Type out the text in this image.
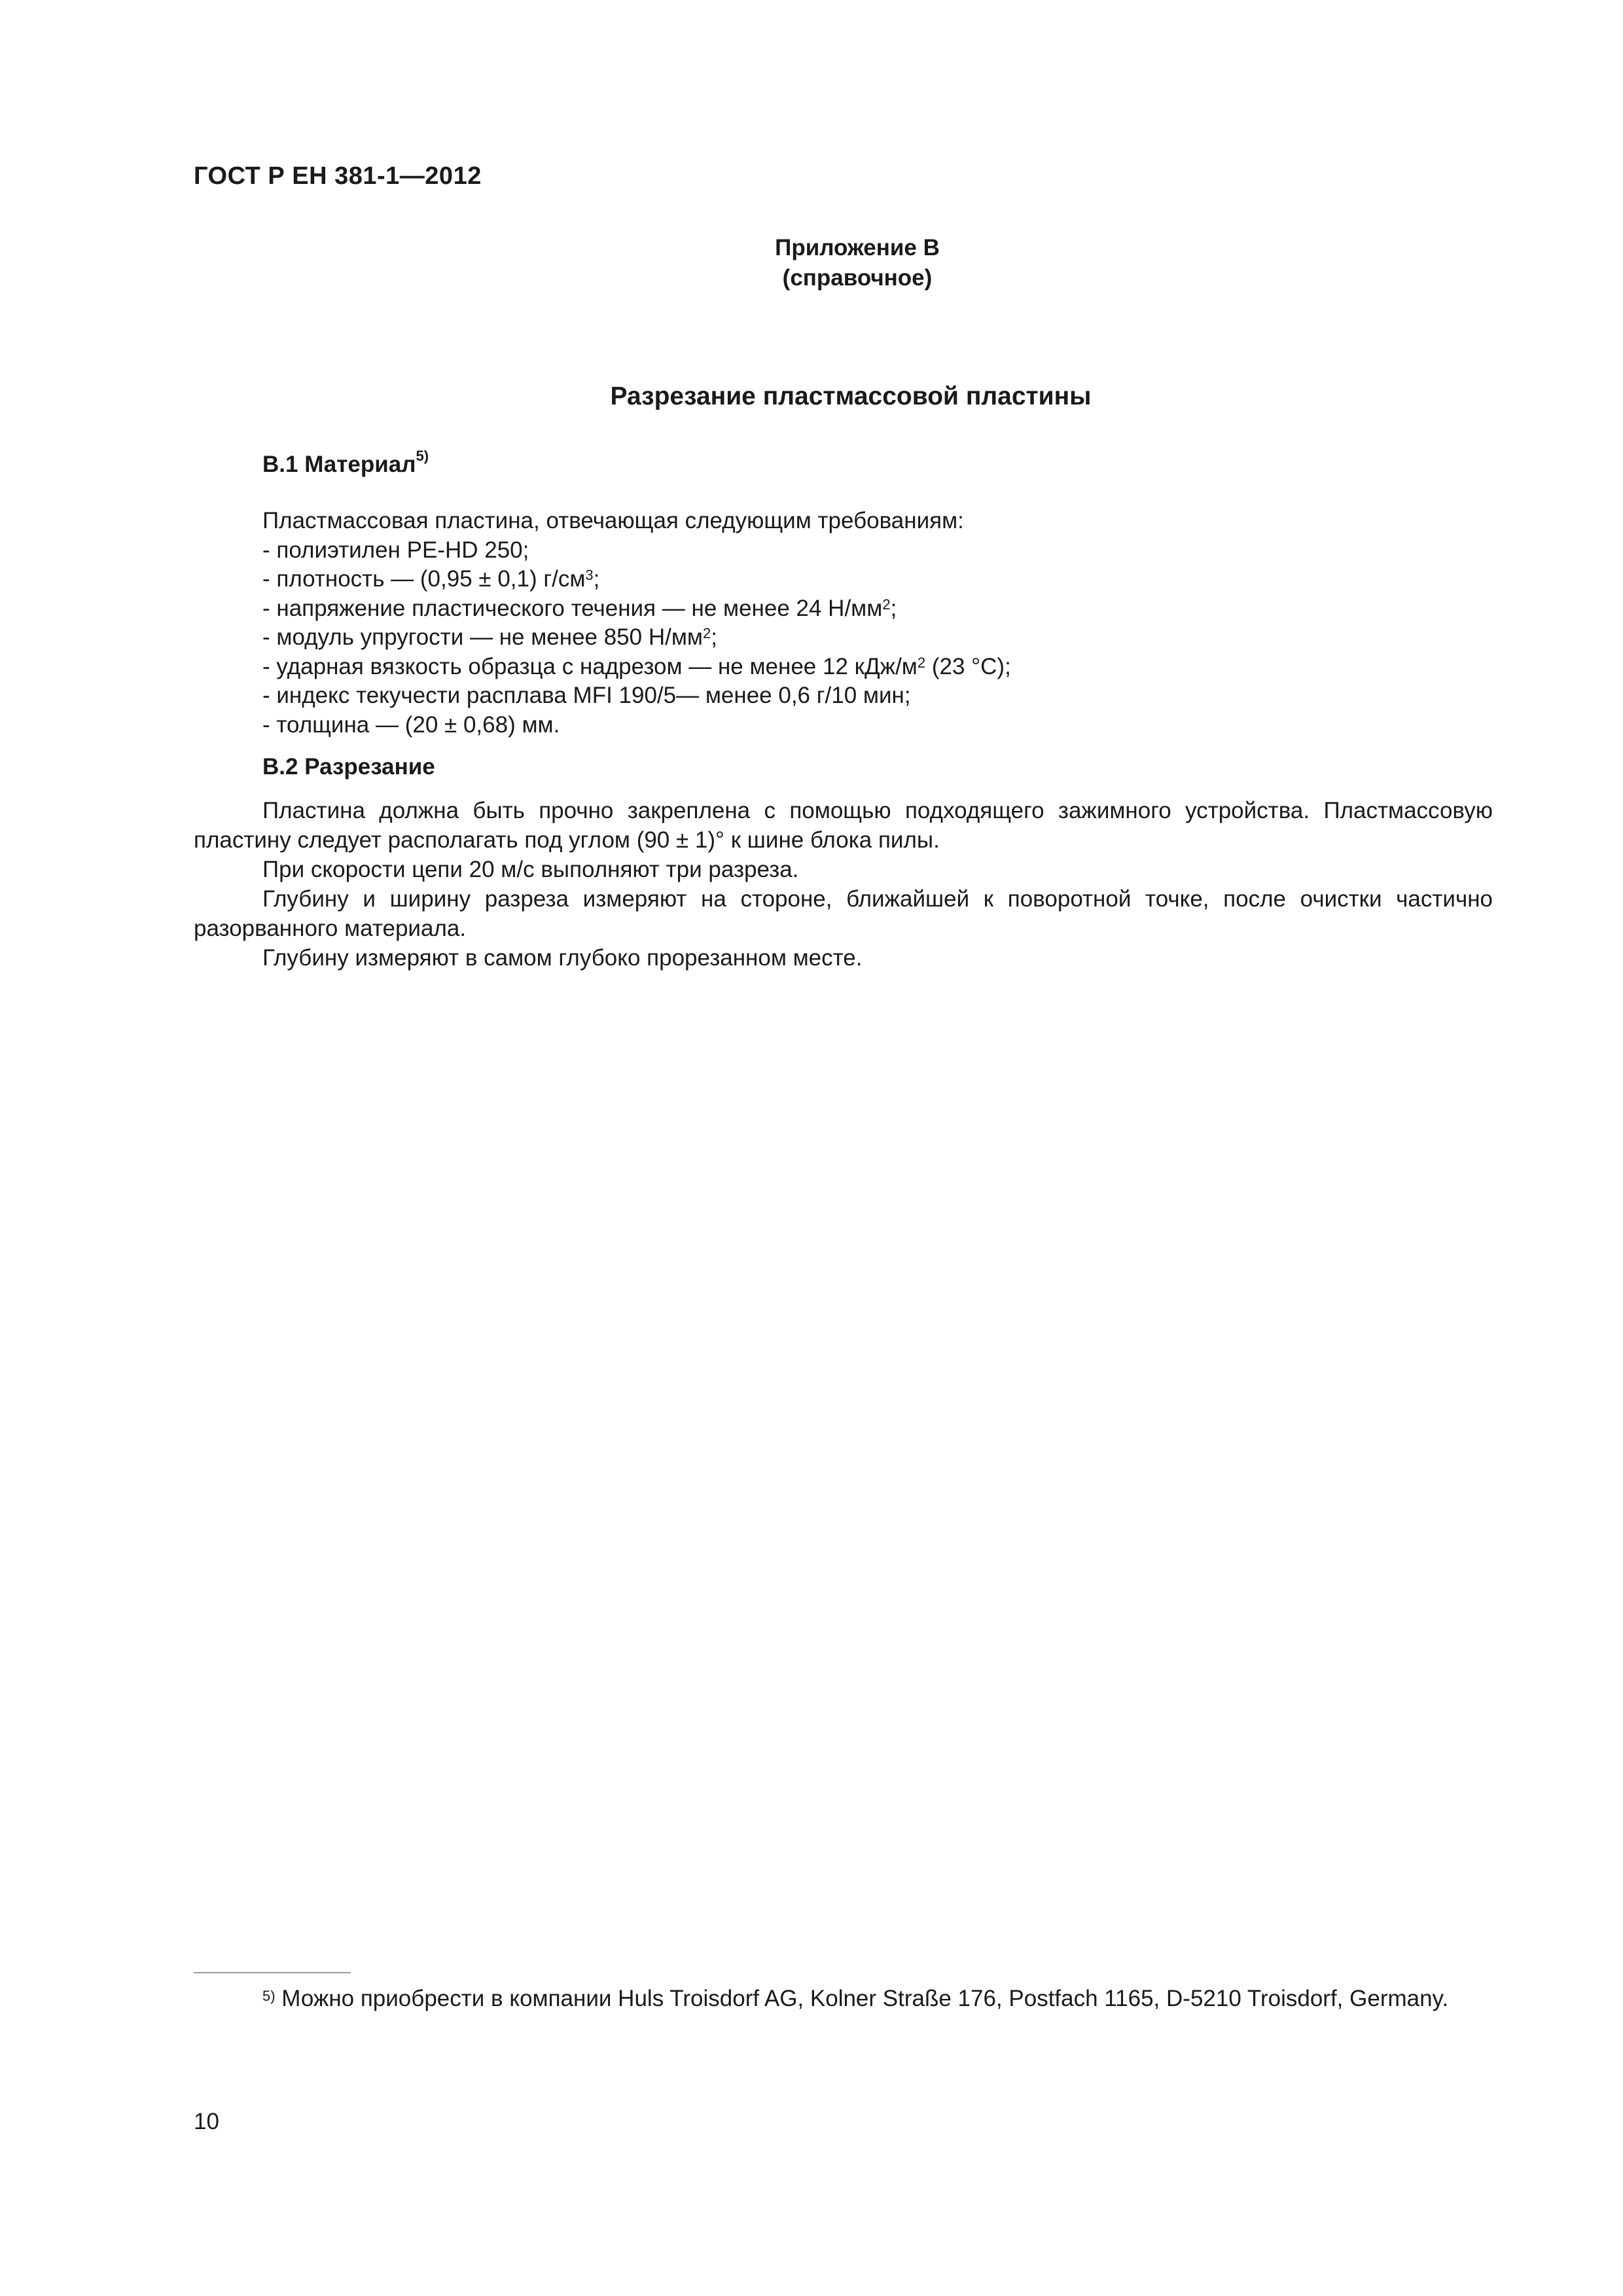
ГОСТ Р ЕН 381-1—2012
Приложение В
(справочное)
Разрезание пластмассовой пластины
В.1 Материал$^{5)}$
Пластмассовая пластина, отвечающая следующим требованиям:
- полиэтилен PE-HD 250;
- плотность — (0,95 ± 0,1) $г/см^3$;
- напряжение пластического течения — не менее 24 $Н/мм^2$;
- модуль упругости — не менее 850 $Н/мм^2$;
- ударная вязкость образца с надрезом — не менее 12 кДж/$м^2$ (23 °С);
- индекс текучести расплава MFI 190/5— менее 0,6 г/10 мин;
- толщина — (20 ± 0,68) мм.
В.2 Разрезание

Пластина должна быть прочно закреплена с помощью подходящего зажимного устройства. Пластмассовую пластину следует располагать под углом (90 ± 1)° к шине блока пилы.

При скорости цепи 20 м/с выполняют три разреза.

Глубину и ширину разреза измеряют на стороне, ближайшей к поворотной точке, после очистки частично разорванного материала.

Глубину измеряют в самом глубоко прорезанном месте.

$^{5)}$ Можно приобрести в компании Huls Troisdorf AG, Kolner Straße 176, Postfach 1165, D-5210 Troisdorf, Germany.

10
